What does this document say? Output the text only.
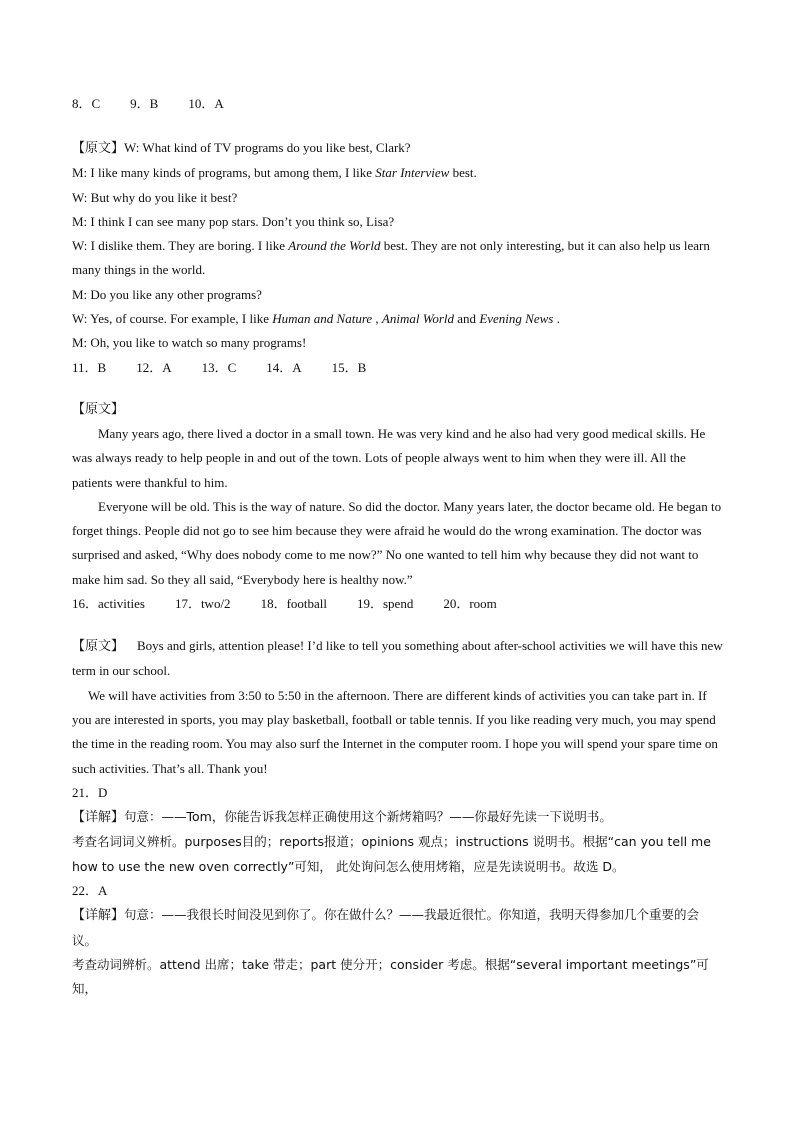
8．C 9．B 10．A

【原文】W: What kind of TV programs do you like best, Clark?

M: I like many kinds of programs, but among them, I like Star Interview best.

W: But why do you like it best?

M: I think I can see many pop stars. Don’t you think so, Lisa?

W: I dislike them. They are boring. I like Around the World best. They are not only interesting, but it can also help us learn many things in the world.

M: Do you like any other programs?

W: Yes, of course. For example, I like Human and Nature , Animal World and Evening News .

M: Oh, you like to watch so many programs!

11．B 12．A 13．C 14．A 15．B

【原文】

Many years ago, there lived a doctor in a small town. He was very kind and he also had very good medical skills. He was always ready to help people in and out of the town. Lots of people always went to him when they were ill. All the patients were thankful to him.

Everyone will be old. This is the way of nature. So did the doctor. Many years later, the doctor became old. He began to forget things. People did not go to see him because they were afraid he would do the wrong examination. The doctor was surprised and asked, “Why does nobody come to me now?” No one wanted to tell him why because they did not want to make him sad. So they all said, “Everybody here is healthy now.”

16．activities 17．two/2 18．football 19．spend 20．room

【原文】 Boys and girls, attention please! I’d like to tell you something about after-school activities we will have this new term in our school.

We will have activities from 3:50 to 5:50 in the afternoon. There are different kinds of activities you can take part in. If you are interested in sports, you may play basketball, football or table tennis. If you like reading very much, you may spend the time in the reading room. You may also surf the Internet in the computer room. I hope you will spend your spare time on such activities. That’s all. Thank you!

21．D

【详解】句意：——Tom，你能告诉我怎样正确使用这个新烤箱吗？——你最好先读一下说明书。

考查名词词义辨析。purposes目的；reports报道；opinions 观点；instructions 说明书。根据“can you tell me how to use the new oven correctly”可知， 此处询问怎么使用烤箱，应是先读说明书。故选 D。

22．A

【详解】句意：——我很长时间没见到你了。你在做什么？——我最近很忙。你知道，我明天得参加几个重要的会议。

考查动词辨析。attend 出席；take 带走；part 使分开；consider 考虑。根据“several important meetings”可知，
